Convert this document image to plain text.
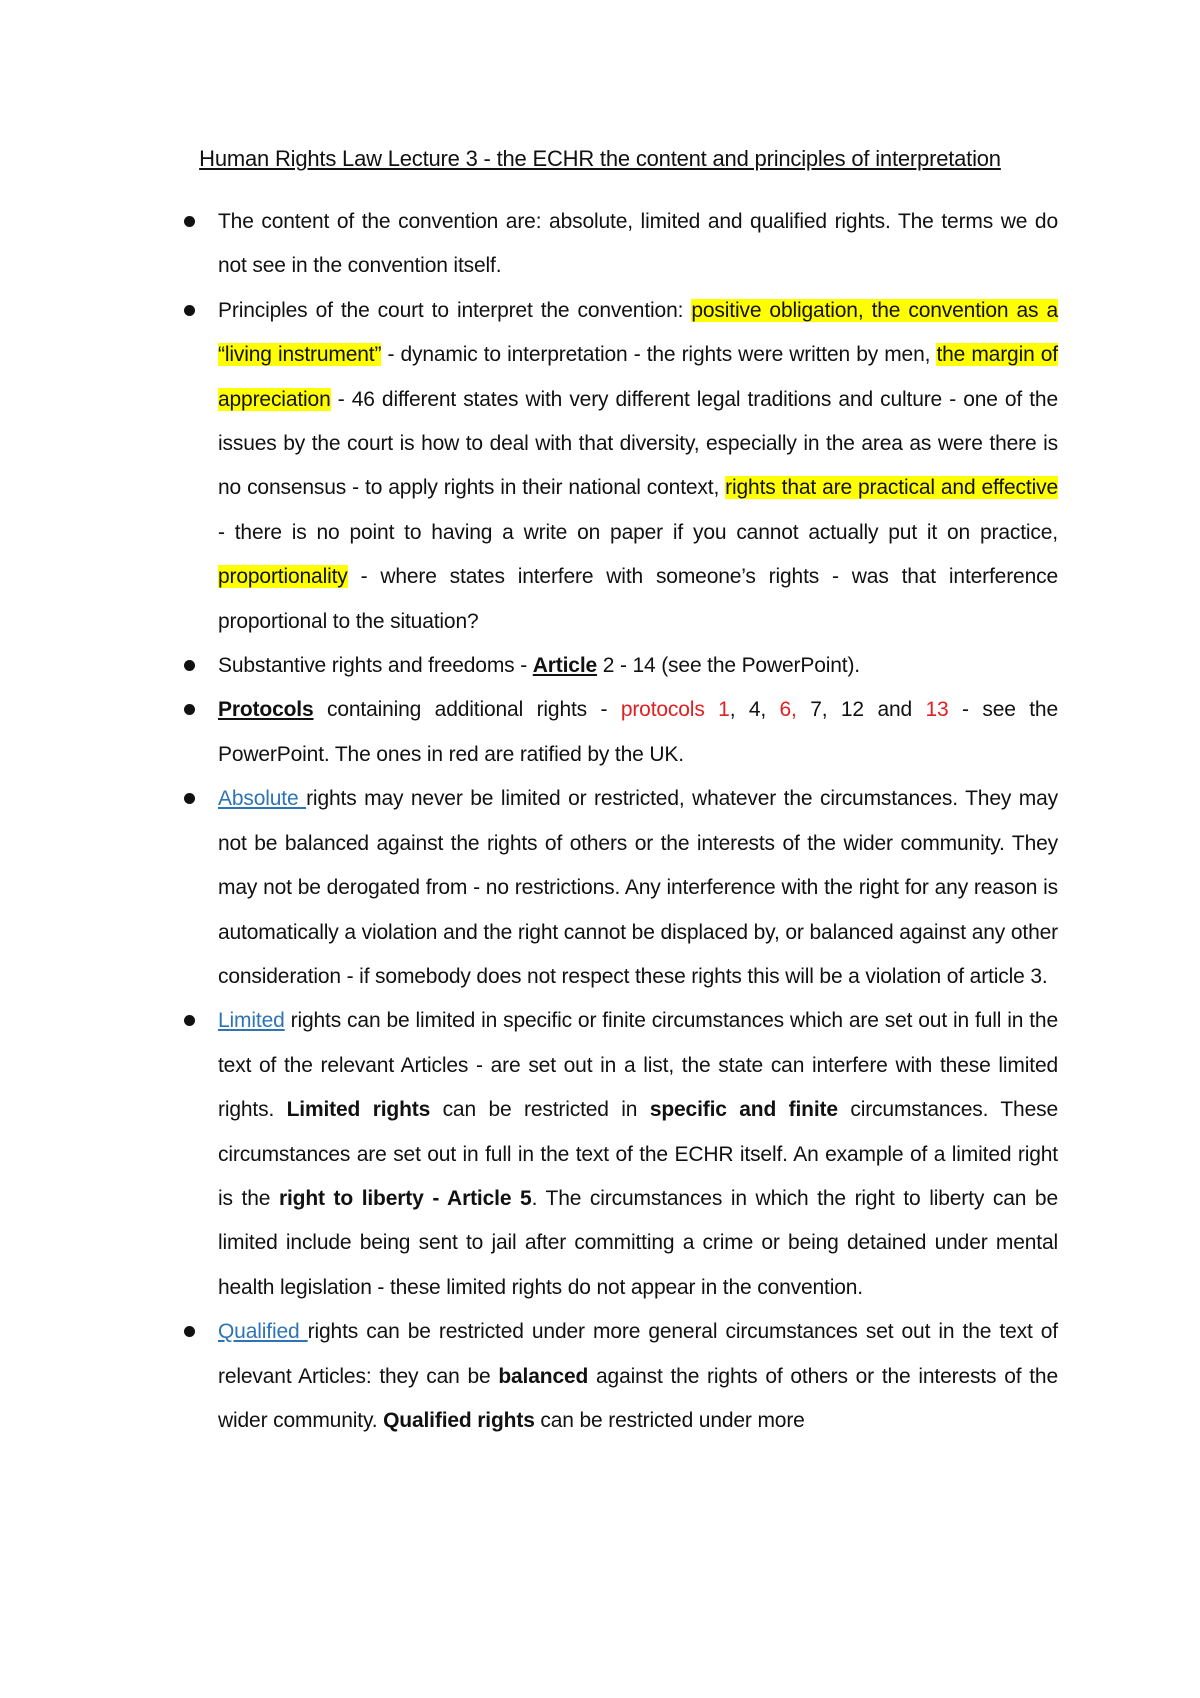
Human Rights Law Lecture 3 - the ECHR the content and principles of interpretation
The content of the convention are: absolute, limited and qualified rights. The terms we do not see in the convention itself.
Principles of the court to interpret the convention: positive obligation, the convention as a “living instrument” - dynamic to interpretation - the rights were written by men, the margin of appreciation - 46 different states with very different legal traditions and culture - one of the issues by the court is how to deal with that diversity, especially in the area as were there is no consensus - to apply rights in their national context, rights that are practical and effective - there is no point to having a write on paper if you cannot actually put it on practice, proportionality - where states interfere with someone’s rights - was that interference proportional to the situation?
Substantive rights and freedoms - Article 2 - 14 (see the PowerPoint).
Protocols containing additional rights - protocols 1, 4, 6, 7, 12 and 13 - see the PowerPoint. The ones in red are ratified by the UK.
Absolute rights may never be limited or restricted, whatever the circumstances. They may not be balanced against the rights of others or the interests of the wider community. They may not be derogated from - no restrictions. Any interference with the right for any reason is automatically a violation and the right cannot be displaced by, or balanced against any other consideration - if somebody does not respect these rights this will be a violation of article 3.
Limited rights can be limited in specific or finite circumstances which are set out in full in the text of the relevant Articles - are set out in a list, the state can interfere with these limited rights. Limited rights can be restricted in specific and finite circumstances. These circumstances are set out in full in the text of the ECHR itself. An example of a limited right is the right to liberty - Article 5. The circumstances in which the right to liberty can be limited include being sent to jail after committing a crime or being detained under mental health legislation - these limited rights do not appear in the convention.
Qualified rights can be restricted under more general circumstances set out in the text of relevant Articles: they can be balanced against the rights of others or the interests of the wider community. Qualified rights can be restricted under more
